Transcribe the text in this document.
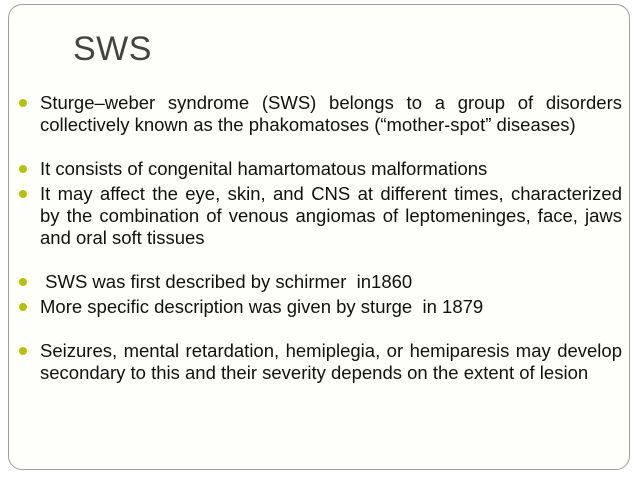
SWS
Sturge–weber syndrome (SWS) belongs to a group of disorders collectively known as the phakomatoses (“mother-spot” diseases)
It consists of congenital hamartomatous malformations
It may affect the eye, skin, and CNS at different times, characterized by the combination of venous angiomas of leptomeninges, face, jaws and oral soft tissues
SWS was first described by schirmer  in1860
More specific description was given by sturge  in 1879
Seizures, mental retardation, hemiplegia, or hemiparesis may develop secondary to this and their severity depends on the extent of lesion
